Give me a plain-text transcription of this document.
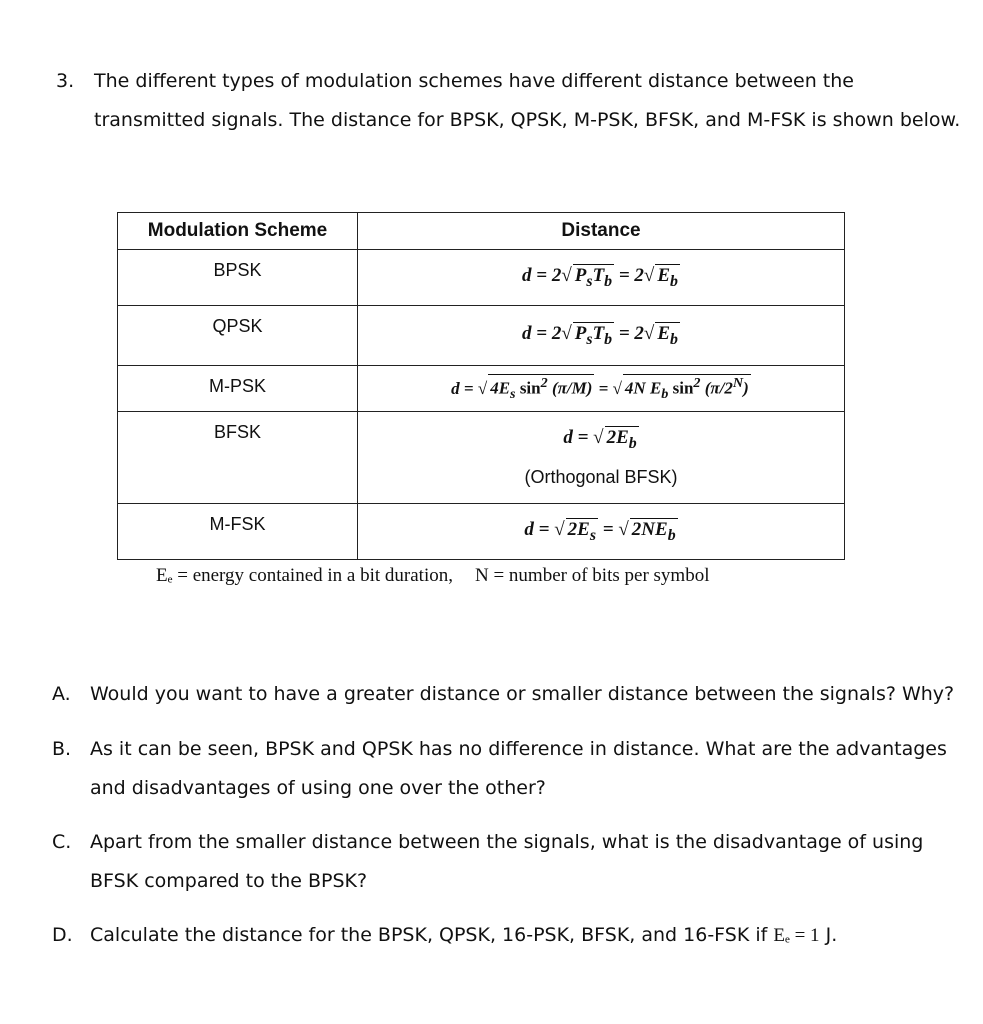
3. The different types of modulation schemes have different distance between the transmitted signals. The distance for BPSK, QPSK, M-PSK, BFSK, and M-FSK is shown below.
Modulation Scheme	Distance

BPSK	d = 2√ $P_sT_b = 2√$ $E_b$

QPSK	d = 2√ $P_sT_b = 2√$ $E_b$

M-PSK	d = √ $4E_s$ $\sin^2 (\pi/M)$ = √ 4N $E_b$ $\sin^2 (\pi/2^N)$

BFSK	d = √ $2E_b$
(Orthogonal BFSK)

M-FSK	d = √ $2E_s$ = √ $2NE_b$
Eₑ = energy contained in a bit duration, N = number of bits per symbol
A. Would you want to have a greater distance or smaller distance between the signals? Why?
B. As it can be seen, BPSK and QPSK has no difference in distance. What are the advantages and disadvantages of using one over the other?
C. Apart from the smaller distance between the signals, what is the disadvantage of using BFSK compared to the BPSK?
D. Calculate the distance for the BPSK, QPSK, 16-PSK, BFSK, and 16-FSK if Eₑ = 1 J.
